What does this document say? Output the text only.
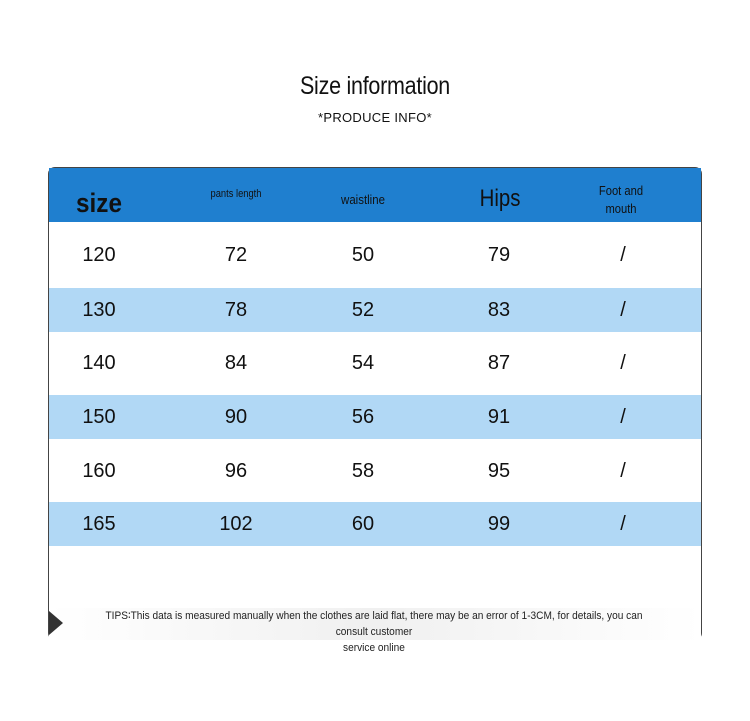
Size information
*PRODUCE INFO*
size	pants length	waistline	Hips	Foot and
mouth
120	72	50	79	/
130	78	52	83	/
140	84	54	87	/
150	90	56	91	/
160	96	58	95	/
165	102	60	99	/
TIPS∶This data is measured manually when the clothes are laid flat, there may be an error of 1-3CM, for details, you can consult customer
service online
